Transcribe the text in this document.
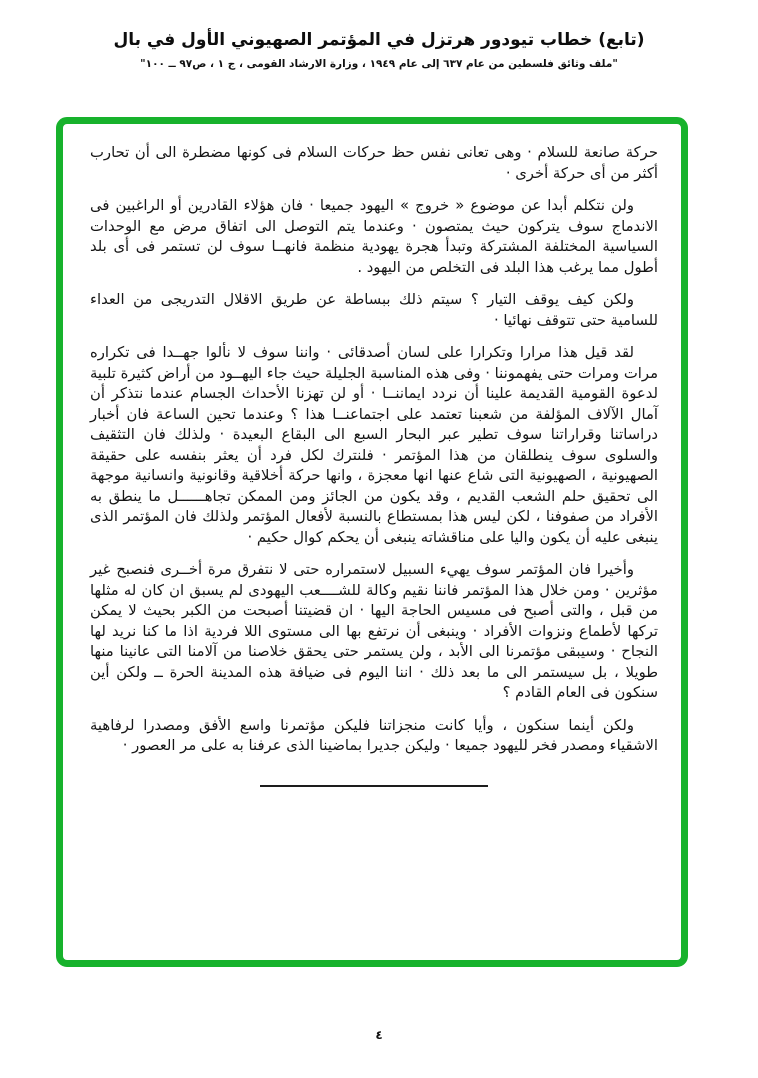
(تابع) خطاب تيودور هرتزل في المؤتمر الصهيوني الأول في بال
"ملف وثائق فلسطين من عام ٦٣٧ إلى عام ١٩٤٩ ، وزارة الارشاد القومى ، ج ١ ، ص٩٧ ــ ١٠٠"

حركة صانعة للسلام · وهى تعانى نفس حظ حركات السلام فى كونها مضطرة الى أن تحارب أكثر من أى حركة أخرى ·

ولن نتكلم أبدا عن موضوع « خروج » اليهود جميعا · فان هؤلاء القادرين أو الراغبين فى الاندماج سوف يتركون حيث يمتصون · وعندما يتم التوصل الى اتفاق مرض مع الوحدات السياسية المختلفة المشتركة وتبدأ هجرة يهودية منظمة فانهــا سوف لن تستمر فى أى بلد أطول مما يرغب هذا البلد فى التخلص من اليهود .

ولكن كيف يوقف التيار ؟ سيتم ذلك ببساطة عن طريق الاقلال التدريجى من العداء للسامية حتى تتوقف نهائيا ·

لقد قيل هذا مرارا وتكرارا على لسان أصدقائى · واننا سوف لا نألوا جهــدا فى تكراره مرات ومرات حتى يفهموننا · وفى هذه المناسبة الجليلة حيث جاء اليهــود من أراض كثيرة تلبية لدعوة القومية القديمة علينا أن نردد ايماننــا · أو لن تهزنا الأحداث الجسام عندما نتذكر أن آمال الآلاف المؤلفة من شعبنا تعتمد على اجتماعنــا هذا ؟ وعندما تحين الساعة فان أخبار دراساتنا وقراراتنا سوف تطير عبر البحار السبع الى البقاع البعيدة · ولذلك فان التثقيف والسلوى سوف ينطلقان من هذا المؤتمر · فلنترك لكل فرد أن يعثر بنفسه على حقيقة الصهيونية ، الصهيونية التى شاع عنها انها معجزة ، وانها حركة أخلاقية وقانونية وانسانية موجهة الى تحقيق حلم الشعب القديم ، وقد يكون من الجائز ومن الممكن تجاهــــــل ما ينطق به الأفراد من صفوفنا ، لكن ليس هذا بمستطاع بالنسبة لأفعال المؤتمر ولذلك فان المؤتمر الذى ينبغى عليه أن يكون واليا على مناقشاته ينبغى أن يحكم كوال حكيم ·

وأخيرا فان المؤتمر سوف يهيء السبيل لاستمراره حتى لا نتفرق مرة أخــرى فنصبح غير مؤثرين · ومن خلال هذا المؤتمر فاننا نقيم وكالة للشــــعب اليهودى لم يسبق ان كان له مثلها من قبل ، والتى أصبح فى مسيس الحاجة اليها · ان قضيتنا أصبحت من الكبر بحيث لا يمكن تركها لأطماع ونزوات الأفراد · وينبغى أن نرتفع بها الى مستوى اللا فردية اذا ما كنا نريد لها النجاح · وسيبقى مؤتمرنا الى الأبد ، ولن يستمر حتى يحقق خلاصنا من آلامنا التى عانينا منها طويلا ، بل سيستمر الى ما بعد ذلك · اننا اليوم فى ضيافة هذه المدينة الحرة ــ ولكن أين سنكون فى العام القادم ؟

ولكن أينما سنكون ، وأيا كانت منجزاتنا فليكن مؤتمرنا واسع الأفق ومصدرا لرفاهية الاشقياء ومصدر فخر لليهود جميعا · وليكن جديرا بماضينا الذى عرفنا به على مر العصور ·

٤
